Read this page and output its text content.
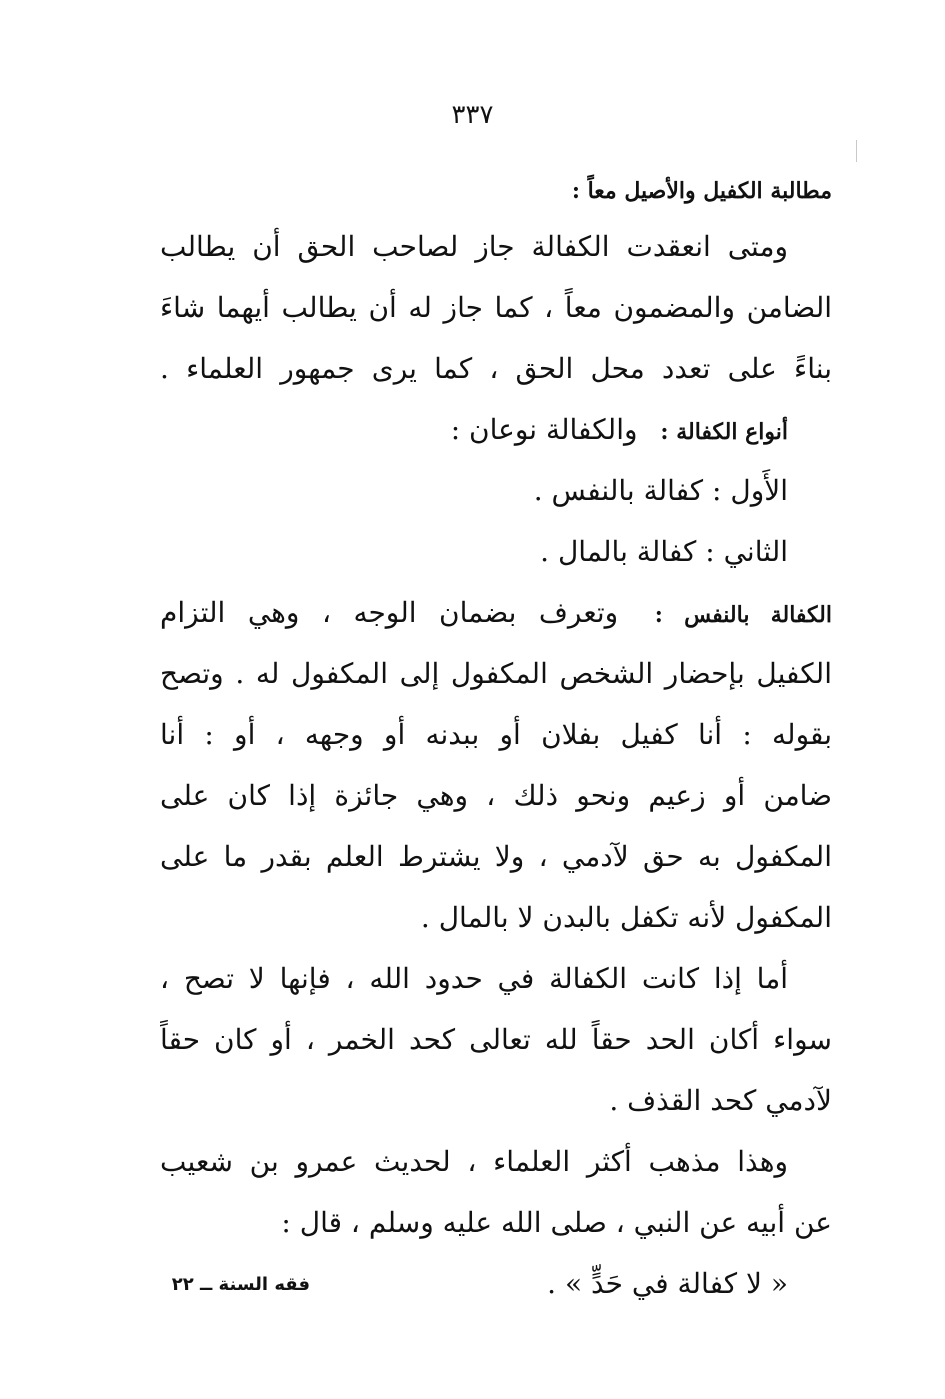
٣٣٧
مطالبة الكفيل والأصيل معاً :
ومتى انعقدت الكفالة جاز لصاحب الحق أن يطالب
الضامن والمضمون معاً ، كما جاز له أن يطالب أيهما شاءَ
بناءً على تعدد محل الحق ، كما يرى جمهور العلماء .
أنواع الكفالة : والكفالة نوعان :
الأَول : كفالة بالنفس .
الثاني : كفالة بالمال .
الكفالة بالنفس : وتعرف بضمان الوجه ، وهي التزام
الكفيل بإحضار الشخص المكفول إلى المكفول له . وتصح
بقوله : أنا كفيل بفلان أو ببدنه أو وجهه ، أو : أنا
ضامن أو زعيم ونحو ذلك ، وهي جائزة إذا كان على
المكفول به حق لآدمي ، ولا يشترط العلم بقدر ما على
المكفول لأنه تكفل بالبدن لا بالمال .
أما إذا كانت الكفالة في حدود الله ، فإنها لا تصح ،
سواء أكان الحد حقاً لله تعالى كحد الخمر ، أو كان حقاً
لآدمي كحد القذف .
وهذا مذهب أكثر العلماء ، لحديث عمرو بن شعيب
عن أبيه عن النبي ، صلى الله عليه وسلم ، قال :
« لا كفالة في حَدٍّ » .
فقه السنة ــ ٢٢
